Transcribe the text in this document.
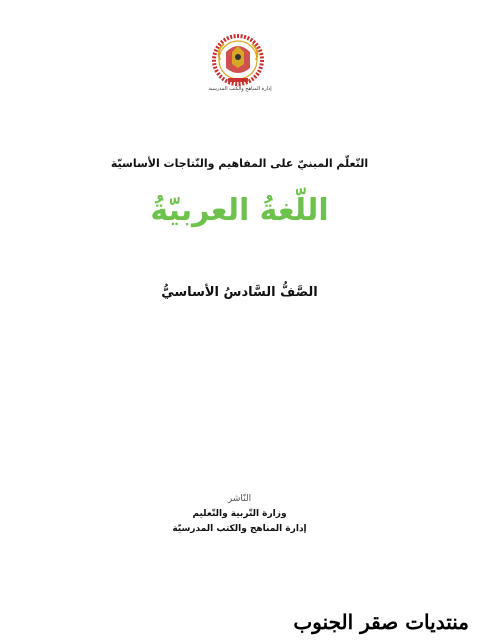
إدارة المناهج والكتب المدرسية
التّعلّم المبنيّ على المفاهيم والنّتاجات الأساسيّة
اللّغةُ العربيّةُ
الصَّفُّ السَّادسُ الأساسيُّ
النّاشر
وزارة التّربية والتّعليم
إدارة المناهج والكتب المدرسيّة
منتديات صقر الجنوب
